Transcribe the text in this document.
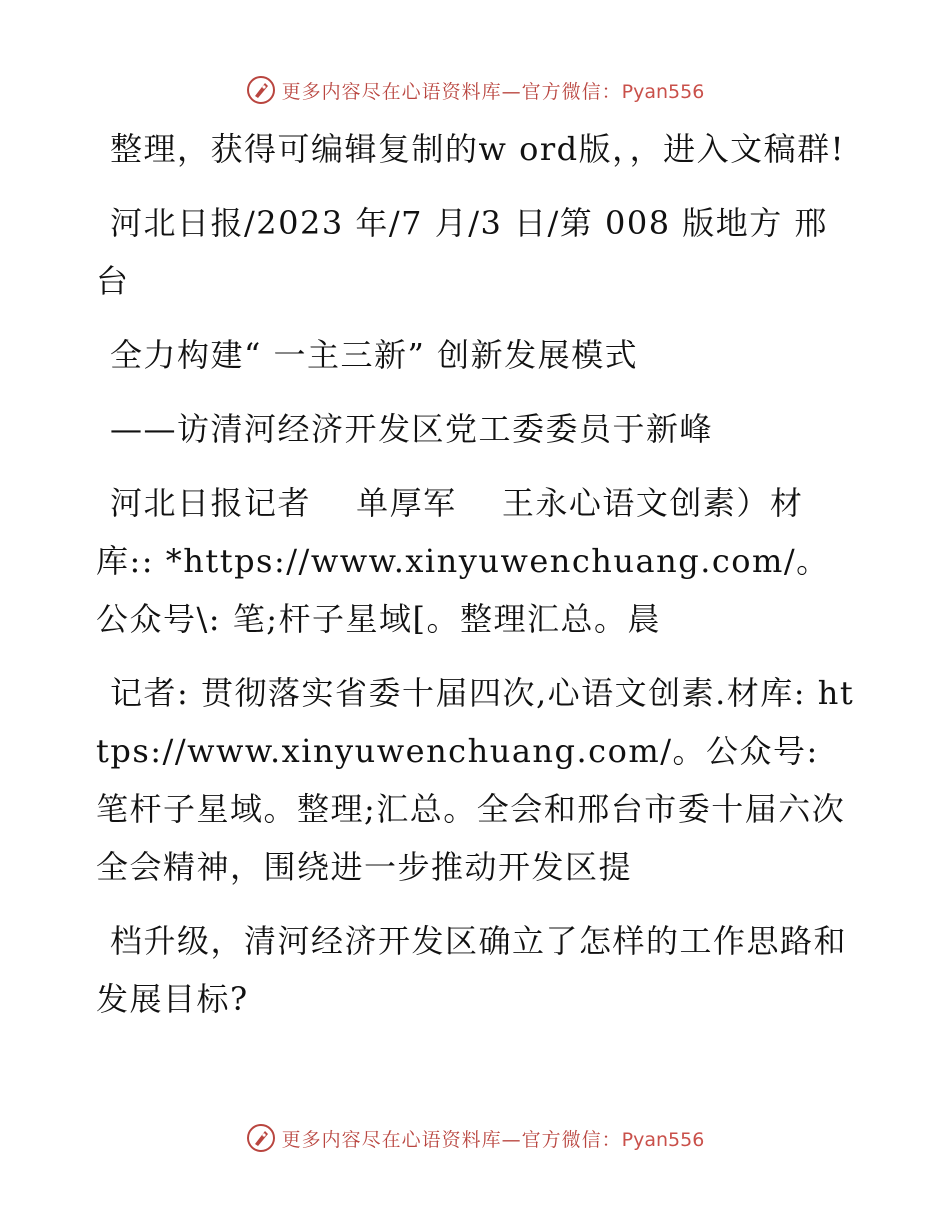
更多内容尽在心语资料库—官方微信：Pyan556

整理，获得可编辑复制的w ord版，，进入文稿群!

河北日报/2023 年/7 月/3 日/第 008 版地方 邢台

全力构建“ 一主三新” 创新发展模式

——访清河经济开发区党工委委员于新峰

河北日报记者　 单厚军　 王永心语文创素）材库:: *https://www.xinyuwenchuang.com/。公众号\: 笔;杆子星域[。整理汇总。晨

记者: 贯彻落实省委十届四次,心语文创素.材库: https://www.xinyuwenchuang.com/。公众号: 笔杆子星域。整理;汇总。全会和邢台市委十届六次全会精神，围绕进一步推动开发区提

档升级，清河经济开发区确立了怎样的工作思路和发展目标?

更多内容尽在心语资料库—官方微信：Pyan556
